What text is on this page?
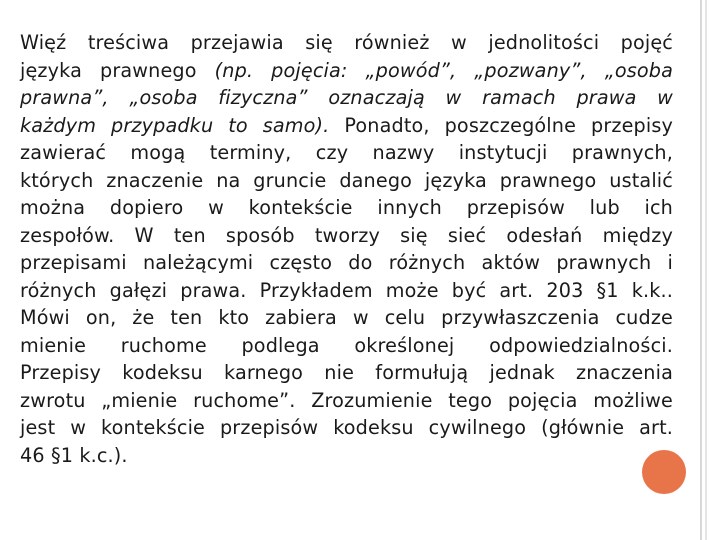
Więź treściwa przejawia się również w jednolitości pojęć
języka prawnego (np. pojęcia: „powód”, „pozwany”, „osoba
prawna”, „osoba fizyczna” oznaczają w ramach prawa w
każdym przypadku to samo). Ponadto, poszczególne przepisy
zawierać mogą terminy, czy nazwy instytucji prawnych,
których znaczenie na gruncie danego języka prawnego ustalić
można dopiero w kontekście innych przepisów lub ich
zespołów. W ten sposób tworzy się sieć odesłań między
przepisami należącymi często do różnych aktów prawnych i
różnych gałęzi prawa. Przykładem może być art. 203 §1 k.k..
Mówi on, że ten kto zabiera w celu przywłaszczenia cudze
mienie ruchome podlega określonej odpowiedzialności.
Przepisy kodeksu karnego nie formułują jednak znaczenia
zwrotu „mienie ruchome”. Zrozumienie tego pojęcia możliwe
jest w kontekście przepisów kodeksu cywilnego (głównie art.
46 §1 k.c.).
